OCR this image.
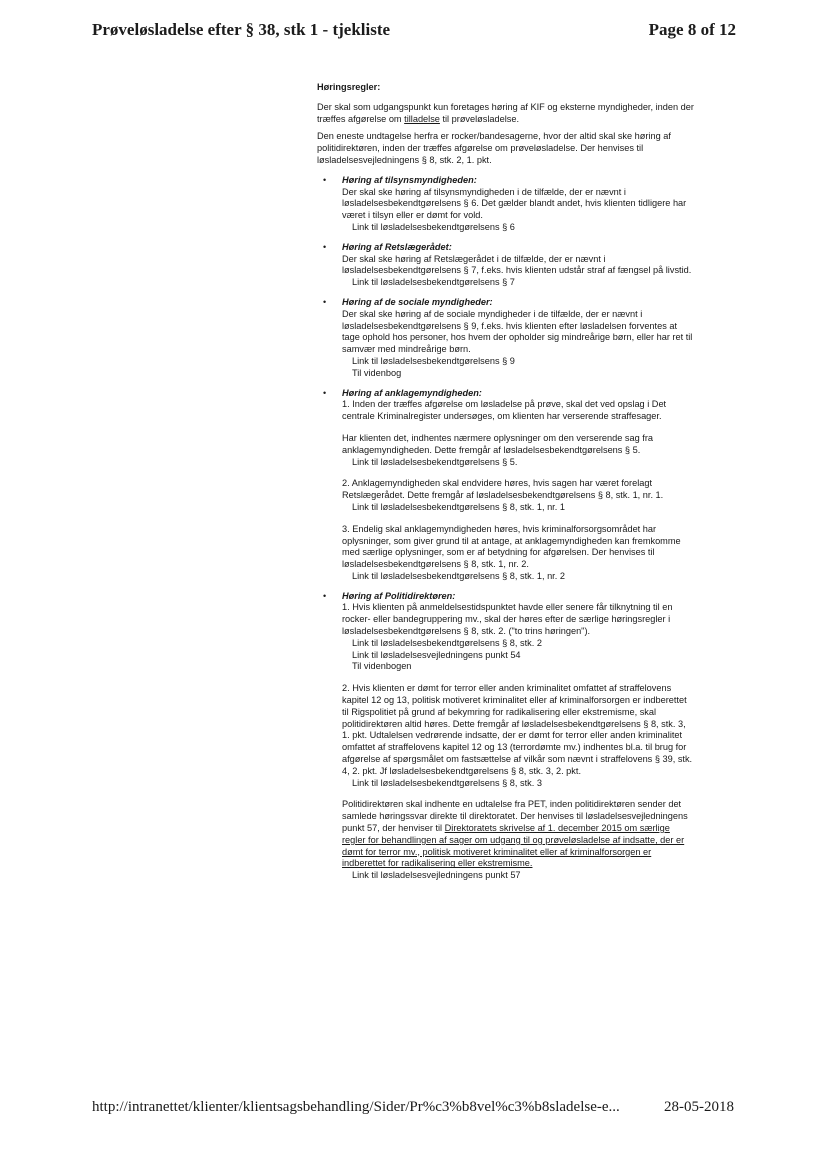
Prøveløsladelse efter § 38, stk 1 - tjekliste	Page 8 of 12

Høringsregler:

Der skal som udgangspunkt kun foretages høring af KIF og eksterne myndigheder, inden der træffes afgørelse om tilladelse til prøveløsladelse.

Den eneste undtagelse herfra er rocker/bandesagerne, hvor der altid skal ske høring af politidirektøren, inden der træffes afgørelse om prøveløsladelse. Der henvises til løsladelsesvejledningens § 8, stk. 2, 1. pkt.

• Høring af tilsynsmyndigheden:

Der skal ske høring af tilsynsmyndigheden i de tilfælde, der er nævnt i løsladelsesbekendtgørelsens § 6. Det gælder blandt andet, hvis klienten tidligere har været i tilsyn eller er dømt for vold.

Link til løsladelsesbekendtgørelsens § 6

• Høring af Retslægerådet:

Der skal ske høring af Retslægerådet i de tilfælde, der er nævnt i løsladelsesbekendtgørelsens § 7, f.eks. hvis klienten udstår straf af fængsel på livstid.

Link til løsladelsesbekendtgørelsens § 7

• Høring af de sociale myndigheder:

Der skal ske høring af de sociale myndigheder i de tilfælde, der er nævnt i løsladelsesbekendtgørelsens § 9, f.eks. hvis klienten efter løsladelsen forventes at tage ophold hos personer, hos hvem der opholder sig mindreårige børn, eller har ret til samvær med mindreårige børn.

Link til løsladelsesbekendtgørelsens § 9

Til videnbog

• Høring af anklagemyndigheden:

1. Inden der træffes afgørelse om løsladelse på prøve, skal det ved opslag i Det centrale Kriminalregister undersøges, om klienten har verserende straffesager.

Har klienten det, indhentes nærmere oplysninger om den verserende sag fra anklagemyndigheden. Dette fremgår af løsladelsesbekendtgørelsens § 5.

Link til løsladelsesbekendtgørelsens § 5.

2. Anklagemyndigheden skal endvidere høres, hvis sagen har været forelagt Retslægerådet. Dette fremgår af løsladelsesbekendtgørelsens § 8, stk. 1, nr. 1.

Link til løsladelsesbekendtgørelsens § 8, stk. 1, nr. 1

3. Endelig skal anklagemyndigheden høres, hvis kriminalforsorgsområdet har oplysninger, som giver grund til at antage, at anklagemyndigheden kan fremkomme med særlige oplysninger, som er af betydning for afgørelsen. Der henvises til løsladelsesbekendtgørelsens § 8, stk. 1, nr. 2.

Link til løsladelsesbekendtgørelsens § 8, stk. 1, nr. 2

• Høring af Politidirektøren:

1. Hvis klienten på anmeldelsestidspunktet havde eller senere får tilknytning til en rocker- eller bandegruppering mv., skal der høres efter de særlige høringsregler i løsladelsesbekendtgørelsens § 8, stk. 2. ("to trins høringen").

Link til løsladelsesbekendtgørelsens § 8, stk. 2

Link til løsladelsesvejledningens punkt 54

Til videnbogen

2. Hvis klienten er dømt for terror eller anden kriminalitet omfattet af straffelovens kapitel 12 og 13, politisk motiveret kriminalitet eller af kriminalforsorgen er indberettet til Rigspolitiet på grund af bekymring for radikalisering eller ekstremisme, skal politidirektøren altid høres. Dette fremgår af løsladelsesbekendtgørelsens § 8, stk. 3, 1. pkt. Udtalelsen vedrørende indsatte, der er dømt for terror eller anden kriminalitet omfattet af straffelovens kapitel 12 og 13 (terrordømte mv.) indhentes bl.a. til brug for afgørelse af spørgsmålet om fastsættelse af vilkår som nævnt i straffelovens § 39, stk. 4, 2. pkt. Jf løsladelsesbekendtgørelsens § 8, stk. 3, 2. pkt.

Link til løsladelsesbekendtgørelsens § 8, stk. 3

Politidirektøren skal indhente en udtalelse fra PET, inden politidirektøren sender det samlede høringssvar direkte til direktoratet. Der henvises til løsladelsesvejledningens punkt 57, der henviser til Direktoratets skrivelse af 1. december 2015 om særlige regler for behandlingen af sager om udgang til og prøveløsladelse af indsatte, der er dømt for terror mv., politisk motiveret kriminalitet eller af kriminalforsorgen er indberettet for radikalisering eller ekstremisme.

Link til løsladelsesvejledningens punkt 57

http://intranettet/klienter/klientsagsbehandling/Sider/Pr%c3%b8vel%c3%b8sladelse-e...	28-05-2018
